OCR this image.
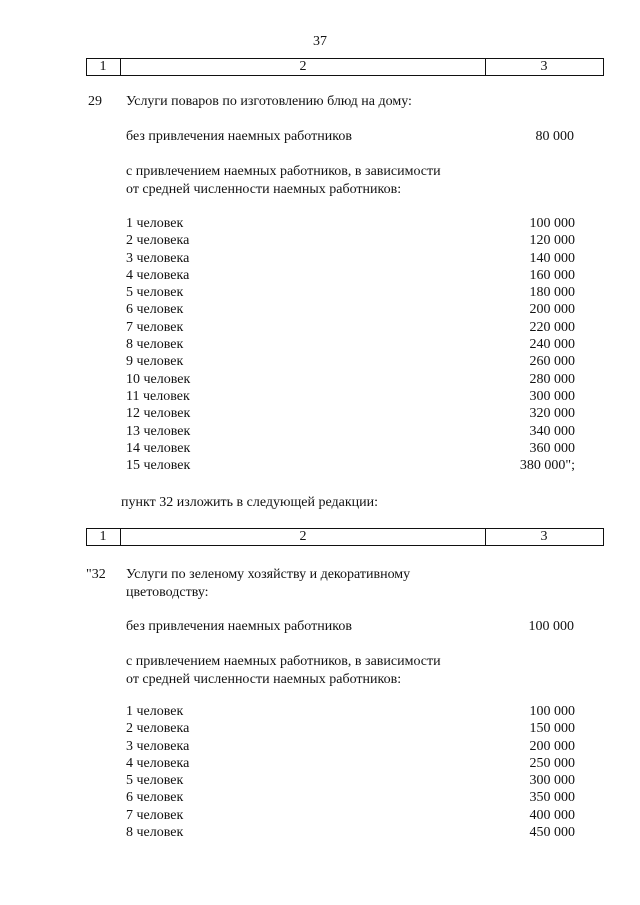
37
1	2	3
29 Услуги поваров по изготовлению блюд на дому:
без привлечения наемных работников	80 000
с привлечением наемных работников, в зависимости
от средней численности наемных работников:
1 человек	100 000
2 человека	120 000
3 человека	140 000
4 человека	160 000
5 человек	180 000
6 человек	200 000
7 человек	220 000
8 человек	240 000
9 человек	260 000
10 человек	280 000
11 человек	300 000
12 человек	320 000
13 человек	340 000
14 человек	360 000
15 человек	380 000";
пункт 32 изложить в следующей редакции:
1	2	3
"32 Услуги по зеленому хозяйству и декоративному
цветоводству:
без привлечения наемных работников	100 000
с привлечением наемных работников, в зависимости
от средней численности наемных работников:
1 человек	100 000
2 человека	150 000
3 человека	200 000
4 человека	250 000
5 человек	300 000
6 человек	350 000
7 человек	400 000
8 человек	450 000
